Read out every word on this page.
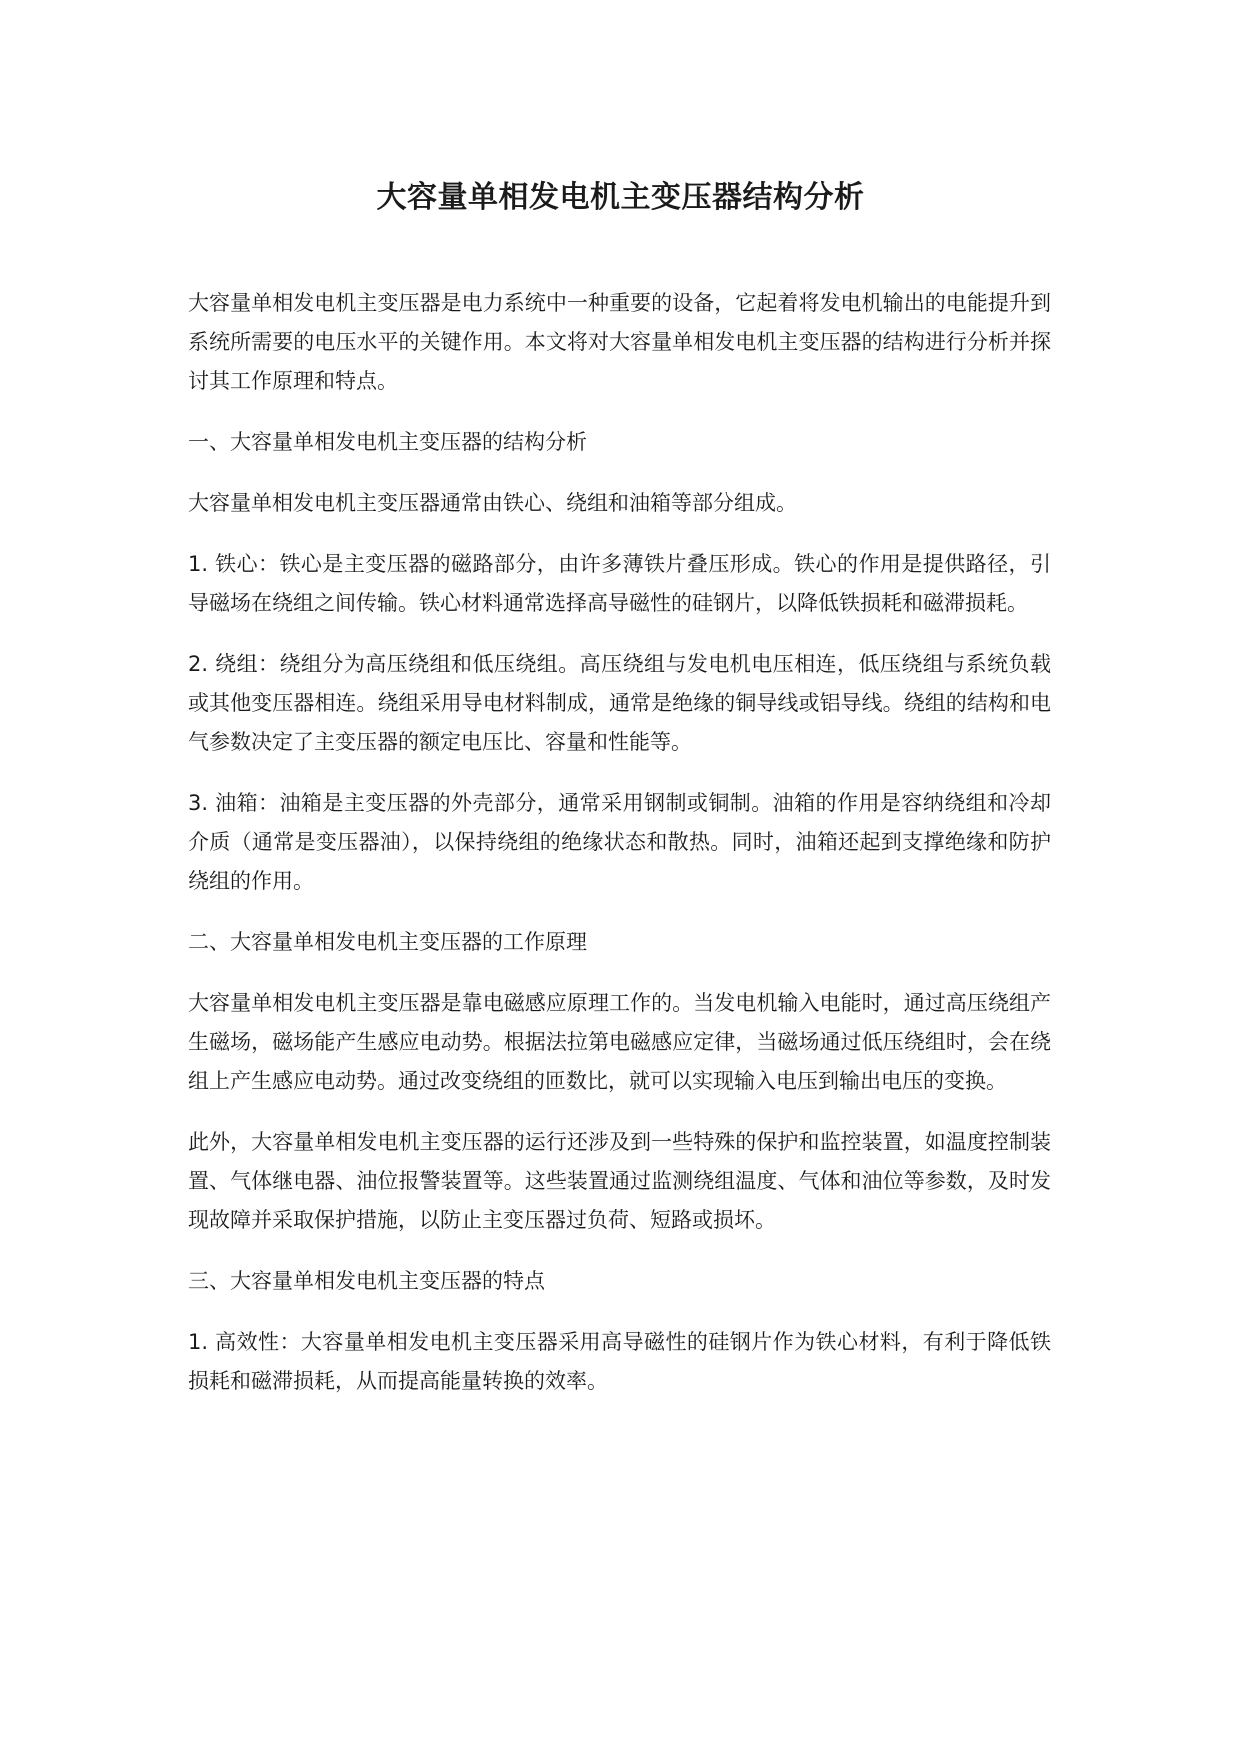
大容量单相发电机主变压器结构分析

大容量单相发电机主变压器是电力系统中一种重要的设备，它起着将发电机输出的电能提升到系统所需要的电压水平的关键作用。本文将对大容量单相发电机主变压器的结构进行分析并探讨其工作原理和特点。

一、大容量单相发电机主变压器的结构分析

大容量单相发电机主变压器通常由铁心、绕组和油箱等部分组成。

1. 铁心：铁心是主变压器的磁路部分，由许多薄铁片叠压形成。铁心的作用是提供路径，引导磁场在绕组之间传输。铁心材料通常选择高导磁性的硅钢片，以降低铁损耗和磁滞损耗。

2. 绕组：绕组分为高压绕组和低压绕组。高压绕组与发电机电压相连，低压绕组与系统负载或其他变压器相连。绕组采用导电材料制成，通常是绝缘的铜导线或铝导线。绕组的结构和电气参数决定了主变压器的额定电压比、容量和性能等。

3. 油箱：油箱是主变压器的外壳部分，通常采用钢制或铜制。油箱的作用是容纳绕组和冷却介质（通常是变压器油），以保持绕组的绝缘状态和散热。同时，油箱还起到支撑绝缘和防护绕组的作用。

二、大容量单相发电机主变压器的工作原理

大容量单相发电机主变压器是靠电磁感应原理工作的。当发电机输入电能时，通过高压绕组产生磁场，磁场能产生感应电动势。根据法拉第电磁感应定律，当磁场通过低压绕组时，会在绕组上产生感应电动势。通过改变绕组的匝数比，就可以实现输入电压到输出电压的变换。

此外，大容量单相发电机主变压器的运行还涉及到一些特殊的保护和监控装置，如温度控制装置、气体继电器、油位报警装置等。这些装置通过监测绕组温度、气体和油位等参数，及时发现故障并采取保护措施，以防止主变压器过负荷、短路或损坏。

三、大容量单相发电机主变压器的特点

1. 高效性：大容量单相发电机主变压器采用高导磁性的硅钢片作为铁心材料，有利于降低铁损耗和磁滞损耗，从而提高能量转换的效率。
